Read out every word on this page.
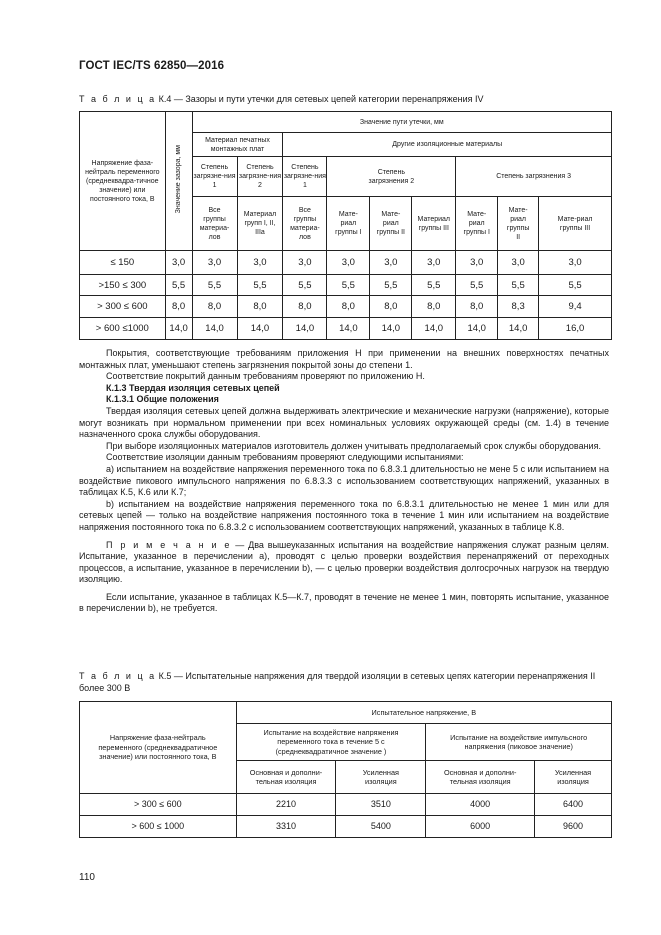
ГОСТ IEC/TS 62850—2016
Т а б л и ц а К.4 — Зазоры и пути утечки для сетевых цепей категории перенапряжения IV
Напряжение фаза-нейтраль переменного (среднеквадра-тичное значение) или постоянного тока, В	Значение зазора, мм	Значение пути утечки, мм								
		Материал печатных монтажных плат		Другие изоляционные материалы						
		Степень загрязне-ния 1	Степень загрязне-ния 2	Степень загрязне-ния 1	Степень загрязнения 2			Степень загрязнения 3		
		Все группы материа-лов	Материал групп I, II, IIIa	Все группы материа-лов	Мате-риал группы I	Мате-риал группы II	Материал группы III	Мате-риал группы I	Мате-риал группы II	Мате-риал группы III
≤ 150	3,0	3,0	3,0	3,0	3,0	3,0	3,0	3,0	3,0	3,0
>150 ≤ 300	5,5	5,5	5,5	5,5	5,5	5,5	5,5	5,5	5,5	5,5
> 300 ≤ 600	8,0	8,0	8,0	8,0	8,0	8,0	8,0	8,0	8,3	9,4
> 600 ≤1000	14,0	14,0	14,0	14,0	14,0	14,0	14,0	14,0	14,0	16,0

Покрытия, соответствующие требованиям приложения Н при применении на внешних поверхностях печатных монтажных плат, уменьшают степень загрязнения покрытой зоны до степени 1.

Соответствие покрытий данным требованиям проверяют по приложению Н.

К.1.3 Твердая изоляция сетевых цепей

К.1.3.1 Общие положения

Твердая изоляция сетевых цепей должна выдерживать электрические и механические нагрузки (напряжение), которые могут возникать при нормальном применении при всех номинальных условиях окружающей среды (см. 1.4) в течение назначенного срока службы оборудования.

При выборе изоляционных материалов изготовитель должен учитывать предполагаемый срок службы оборудования.

Соответствие изоляции данным требованиям проверяют следующими испытаниями:

а) испытанием на воздействие напряжения переменного тока по 6.8.3.1 длительностью не мене 5 с или испытанием на воздействие пикового импульсного напряжения по 6.8.3.3 с использованием соответствующих напряжений, указанных в таблицах К.5, К.6 или К.7;

b) испытанием на воздействие напряжения переменного тока по 6.8.3.1 длительностью не менее 1 мин или для сетевых цепей — только на воздействие напряжения постоянного тока в течение 1 мин или испытанием на воздействие напряжения постоянного тока по 6.8.3.2 с использованием соответствующих напряжений, указанных в таблице К.8.

П р и м е ч а н и е — Два вышеуказанных испытания на воздействие напряжения служат разным целям. Испытание, указанное в перечислении а), проводят с целью проверки воздействия перенапряжений от переходных процессов, а испытание, указанное в перечислении b), — с целью проверки воздействия долгосрочных нагрузок на твердую изоляцию.

Если испытание, указанное в таблицах К.5—К.7, проводят в течение не менее 1 мин, повторять испытание, указанное в перечислении b), не требуется.

Т а б л и ц а К.5 — Испытательные напряжения для твердой изоляции в сетевых цепях категории перенапряжения II более 300 В
Напряжение фаза-нейтраль переменного (среднеквадратичное значение) или постоянного тока, В	Испытательное напряжение, В			
	Испытание на воздействие напряжения переменного тока в течение 5 с (среднеквадратичное значение )		Испытание на воздействие импульсного напряжения (пиковое значение)	
	Основная и дополни-тельная изоляция	Усиленная изоляция	Основная и дополни-тельная изоляция	Усиленная изоляция
> 300 ≤ 600	2210	3510	4000	6400
> 600 ≤ 1000	3310	5400	6000	9600
110
